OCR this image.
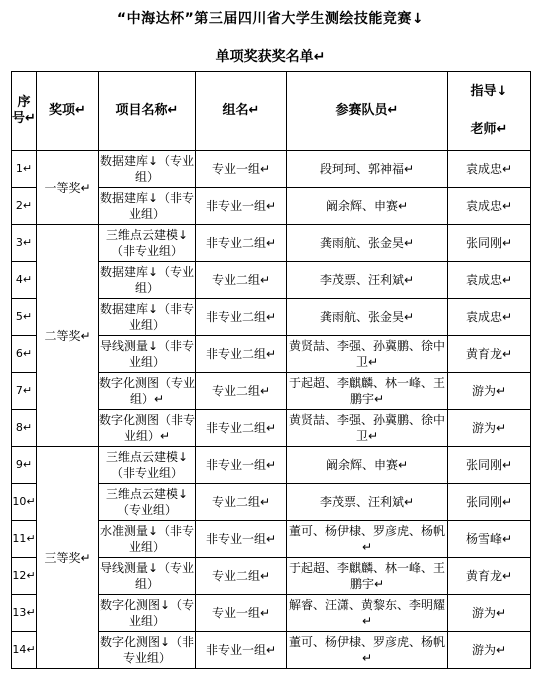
“中海达杯”第三届四川省大学生测绘技能竞赛↓
单项奖获奖名单↵
序号↵	奖项↵	项目名称↵	组名↵	参赛队员↵	指导↓
老师↵

1↵	一等奖↵	数据建库↓（专业组）	专业一组↵	段珂珂、郭神福↵	袁成忠↵
2↵		数据建库↓（非专业组）	非专业一组↵	阚余辉、申赛↵	袁成忠↵
3↵	二等奖↵	三维点云建模↓（非专业组）	非专业二组↵	龚雨航、张金昊↵	张同刚↵
4↵		数据建库↓（专业组）	专业二组↵	李茂票、汪利斌↵	袁成忠↵
5↵		数据建库↓（非专业组）	非专业二组↵	龚雨航、张金昊↵	袁成忠↵
6↵		导线测量↓（非专业组）	非专业二组↵	黄贤喆、李强、孙冀鹏、徐中卫↵	黄育龙↵
7↵		数字化测图（专业组）↵	专业二组↵	于起超、李麒麟、林一峰、王鹏宇↵	游为↵
8↵		数字化测图（非专业组）↵	非专业二组↵	黄贤喆、李强、孙冀鹏、徐中卫↵	游为↵
9↵	三等奖↵	三维点云建模↓（非专业组）	非专业一组↵	阚余辉、申赛↵	张同刚↵
10↵		三维点云建模↓（专业组）	专业二组↵	李茂票、汪利斌↵	张同刚↵
11↵		水准测量↓（非专业组）	非专业一组↵	董可、杨伊棣、罗彦虎、杨帆↵	杨雪峰↵
12↵		导线测量↓（专业组）	专业二组↵	于起超、李麒麟、林一峰、王鹏宇↵	黄育龙↵
13↵		数字化测图↓（专业组）	专业一组↵	解睿、汪潇、黄黎东、李明耀↵	游为↵
14↵		数字化测图↓（非专业组）	非专业一组↵	董可、杨伊棣、罗彦虎、杨帆↵	游为↵
